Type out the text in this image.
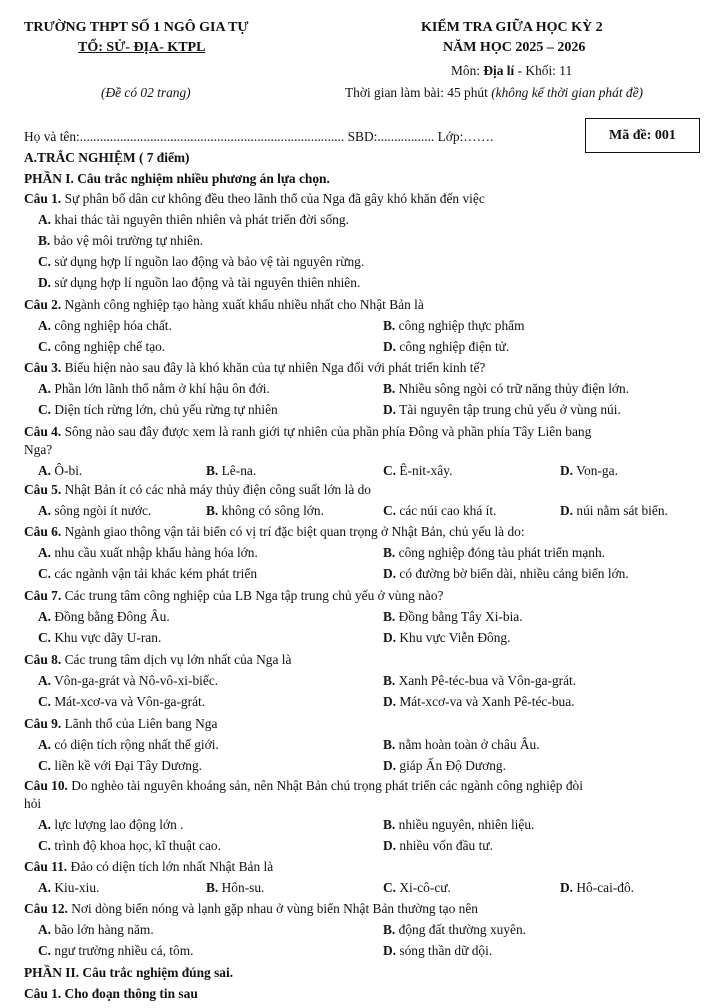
TRƯỜNG THPT SỐ 1 NGÔ GIA TỰ
TỔ: SỬ- ĐỊA- KTPL
(Đề có 02 trang)
KIỂM TRA GIỮA HỌC KỲ 2
NĂM HỌC 2025 – 2026
Môn: Địa lí - Khối: 11
Thời gian làm bài: 45 phút (không kể thời gian phát đề)
Họ và tên:............................................................................... SBD:................. Lớp:…….	Mã đề: 001
A.TRẮC NGHIỆM ( 7 điểm)
PHẦN I. Câu trắc nghiệm nhiều phương án lựa chọn.
Câu 1. Sự phân bố dân cư không đều theo lãnh thổ của Nga đã gây khó khăn đến việc
A. khai thác tài nguyên thiên nhiên và phát triển đời sống.
B. bảo vệ môi trường tự nhiên.
C. sử dụng hợp lí nguồn lao động và bảo vệ tài nguyên rừng.
D. sử dụng hợp lí nguồn lao động và tài nguyên thiên nhiên.
Câu 2. Ngành công nghiệp tạo hàng xuất khẩu nhiều nhất cho Nhật Bản là
A. công nghiệp hóa chất.	B. công nghiệp thực phẩm
C. công nghiệp chế tạo.	D. công nghiệp điện tử.
Câu 3. Biểu hiện nào sau đây là khó khăn của tự nhiên Nga đối với phát triển kinh tế?
A. Phần lớn lãnh thổ nằm ở khí hậu ôn đới.	B. Nhiều sông ngòi có trữ năng thủy điện lớn.
C. Diện tích rừng lớn, chủ yếu rừng tự nhiên	D. Tài nguyên tập trung chủ yếu ở vùng núi.
Câu 4. Sông nào sau đây được xem là ranh giới tự nhiên của phần phía Đông và phần phía Tây Liên bang
Nga?
A. Ô-bi.	B. Lê-na.	C. Ê-nit-xây.	D. Von-ga.
Câu 5. Nhật Bản ít có các nhà máy thủy điện công suất lớn là do
A. sông ngòi ít nước.	B. không có sông lớn.	C. các núi cao khá ít.	D. núi nằm sát biển.
Câu 6. Ngành giao thông vận tải biển có vị trí đặc biệt quan trọng ở Nhật Bản, chủ yếu là do:
A. nhu cầu xuất nhập khẩu hàng hóa lớn.	B. công nghiệp đóng tàu phát triển mạnh.
C. các ngành vận tải khác kém phát triển	D. có đường bờ biển dài, nhiều cảng biển lớn.
Câu 7. Các trung tâm công nghiệp của LB Nga tập trung chủ yếu ở vùng nào?
A. Đồng bằng Đông Âu.	B. Đồng bằng Tây Xi-bia.
C. Khu vực dãy U-ran.	D. Khu vực Viễn Đông.
Câu 8. Các trung tâm dịch vụ lớn nhất của Nga là
A. Vôn-ga-grát và Nô-vô-xi-biếc.	B. Xanh Pê-téc-bua và Vôn-ga-grát.
C. Mát-xcơ-va và Vôn-ga-grát.	D. Mát-xcơ-va và Xanh Pê-téc-bua.
Câu 9. Lãnh thổ của Liên bang Nga
A. có diện tích rộng nhất thế giới.	B. nằm hoàn toàn ở châu Âu.
C. liền kề với Đại Tây Dương.	D. giáp Ấn Độ Dương.
Câu 10. Do nghèo tài nguyên khoáng sản, nên Nhật Bản chú trọng phát triển các ngành công nghiệp đòi
hỏi
A. lực lượng lao động lớn .	B. nhiều nguyên, nhiên liệu.
C. trình độ khoa học, kĩ thuật cao.	D. nhiều vốn đầu tư.
Câu 11. Đảo có diện tích lớn nhất Nhật Bản là
A. Kiu-xiu.	B. Hôn-su.	C. Xi-cô-cư.	D. Hô-cai-đô.
Câu 12. Nơi dòng biển nóng và lạnh gặp nhau ở vùng biển Nhật Bản thường tạo nên
A. bão lớn hàng năm.	B. động đất thường xuyên.
C. ngư trường nhiều cá, tôm.	D. sóng thần dữ dội.
PHẦN II. Câu trắc nghiệm đúng sai.
Câu 1. Cho đoạn thông tin sau
